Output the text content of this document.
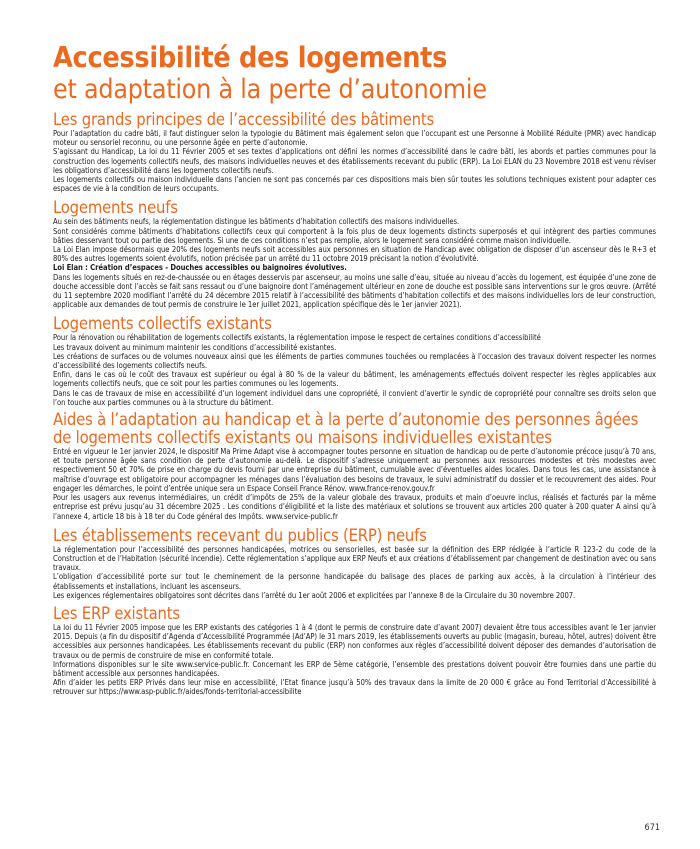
Accessibilité des logements
et adaptation à la perte d’autonomie
Les grands principes de l’accessibilité des bâtiments

Pour l’adaptation du cadre bâti, il faut distinguer selon la typologie du Bâtiment mais également selon que l’occupant est une Personne à Mobilité Réduite (PMR) avec handicap moteur ou sensoriel reconnu, ou une personne âgée en perte d’autonomie.

S’agissant du Handicap, La loi du 11 Février 2005 et ses textes d’applications ont défini les normes d’accessibilité dans le cadre bâti, les abords et parties communes pour la construction des logements collectifs neufs, des maisons individuelles neuves et des établissements recevant du public (ERP). La Loi ELAN du 23 Novembre 2018 est venu réviser les obligations d’accessibilité dans les logements collectifs neufs.

Les logements collectifs ou maison individuelle dans l’ancien ne sont pas concernés par ces dispositions mais bien sûr toutes les solutions techniques existent pour adapter ces espaces de vie à la condition de leurs occupants.

Logements neufs

Au sein des bâtiments neufs, la réglementation distingue les bâtiments d’habitation collectifs des maisons individuelles.

Sont considérés comme bâtiments d’habitations collectifs ceux qui comportent à la fois plus de deux logements distincts superposés et qui intègrent des parties communes bâties desservant tout ou partie des logements. Si une de ces conditions n’est pas remplie, alors le logement sera considéré comme maison individuelle.

La Loi Elan impose désormais que 20% des logements neufs soit accessibles aux personnes en situation de Handicap avec obligation de disposer d’un ascenseur dès le R+3 et 80% des autres logements soient évolutifs, notion précisée par un arrêté du 11 octobre 2019 précisant la notion d’évolutivité.

Loi Elan : Création d’espaces - Douches accessibles ou baignoires évolutives.

Dans les logements situés en rez-de-chaussée ou en étages desservis par ascenseur, au moins une salle d’eau, située au niveau d’accès du logement, est équipée d’une zone de douche accessible dont l’accès se fait sans ressaut ou d’une baignoire dont l’aménagement ultérieur en zone de douche est possible sans interventions sur le gros œuvre. (Arrêté du 11 septembre 2020 modifiant l’arrêté du 24 décembre 2015 relatif à l’accessibilité des bâtiments d’habitation collectifs et des maisons individuelles lors de leur construction, applicable aux demandes de tout permis de construire le 1er juillet 2021, application spécifique dès le 1er janvier 2021).

Logements collectifs existants

Pour la rénovation ou réhabilitation de logements collectifs existants, la réglementation impose le respect de certaines conditions d’accessibilité

Les travaux doivent au minimum maintenir les conditions d’accessibilité existantes.

Les créations de surfaces ou de volumes nouveaux ainsi que les éléments de parties communes touchées ou remplacées à l’occasion des travaux doivent respecter les normes d’accessibilité des logements collectifs neufs.

Enfin, dans le cas où le coût des travaux est supérieur ou égal à 80 % de la valeur du bâtiment, les aménagements effectués doivent respecter les règles applicables aux logements collectifs neufs, que ce soit pour les parties communes ou les logements.

Dans le cas de travaux de mise en accessibilité d’un logement individuel dans une copropriété, il convient d’avertir le syndic de copropriété pour connaître ses droits selon que l’on touche aux parties communes ou à la structure du bâtiment.

Aides à l’adaptation au handicap et à la perte d’autonomie des personnes âgées de logements collectifs existants ou maisons individuelles existantes

Entré en vigueur le 1er janvier 2024, le dispositif Ma Prime Adapt vise à accompagner toutes personne en situation de handicap ou de perte d’autonomie précoce jusqu’à 70 ans, et toute personne âgée sans condition de perte d’autonomie au-delà. Le dispositif s’adresse uniquement au personnes aux ressources modestes et très modestes avec respectivement 50 et 70% de prise en charge du devis fourni par une entreprise du bâtiment, cumulable avec d’éventuelles aides locales. Dans tous les cas, une assistance à maîtrise d’ouvrage est obligatoire pour accompagner les ménages dans l’évaluation des besoins de travaux, le suivi administratif du dossier et le recouvrement des aides. Pour engager les démarches, le point d’entrée unique sera un Espace Conseil France Rénov. www.france-renov.gouv.fr

Pour les usagers aux revenus intermédiaires, un crédit d’impôts de 25% de la valeur globale des travaux, produits et main d’oeuvre inclus, réalisés et facturés par la même entreprise est prévu jusqu’au 31 décembre 2025 . Les conditions d’éligibilité et la liste des matériaux et solutions se trouvent aux articles 200 quater à 200 quater A ainsi qu’à l’annexe 4, article 18 bis à 18 ter du Code général des Impôts. www.service-public.fr

Les établissements recevant du publics (ERP) neufs

La réglementation pour l’accessibilité des personnes handicapées, motrices ou sensorielles, est basée sur la définition des ERP rédigée à l’article R 123-2 du code de la Construction et de l’Habitation (sécurité incendie). Cette réglementation s’applique aux ERP Neufs et aux créations d’établissement par changement de destination avec ou sans travaux.

L’obligation d’accessibilité porte sur tout le cheminement de la personne handicapée du balisage des places de parking aux accès, à la circulation à l’intérieur des établissements et installations, incluant les ascenseurs.

Les exigences réglementaires obligatoires sont décrites dans l’arrêté du 1er août 2006 et explicitées par l’annexe 8 de la Circulaire du 30 novembre 2007.

Les ERP existants

La loi du 11 Février 2005 impose que les ERP existants des catégories 1 à 4 (dont le permis de construire date d’avant 2007) devaient être tous accessibles avant le 1er janvier 2015. Depuis (a fin du dispositif d’Agenda d’Accessibilité Programmée (Ad’AP) le 31 mars 2019, les établissements ouverts au public (magasin, bureau, hôtel, autres) doivent être accessibles aux personnes handicapées. Les établissements recevant du public (ERP) non conformes aux règles d’accessibilité doivent déposer des demandes d’autorisation de travaux ou de permis de construire de mise en conformité totale.

Informations disponibles sur le site www.service-public.fr. Concernant les ERP de 5ème catégorie, l’ensemble des prestations doivent pouvoir être fournies dans une partie du bâtiment accessible aux personnes handicapées.

Afin d’aider les petits ERP Privés dans leur mise en accessibilité, l’Etat finance jusqu’à 50% des travaux dans la limite de 20 000 € grâce au Fond Territorial d’Accessibilité à retrouver sur https://www.asp-public.fr/aides/fonds-territorial-accessibilite

671
